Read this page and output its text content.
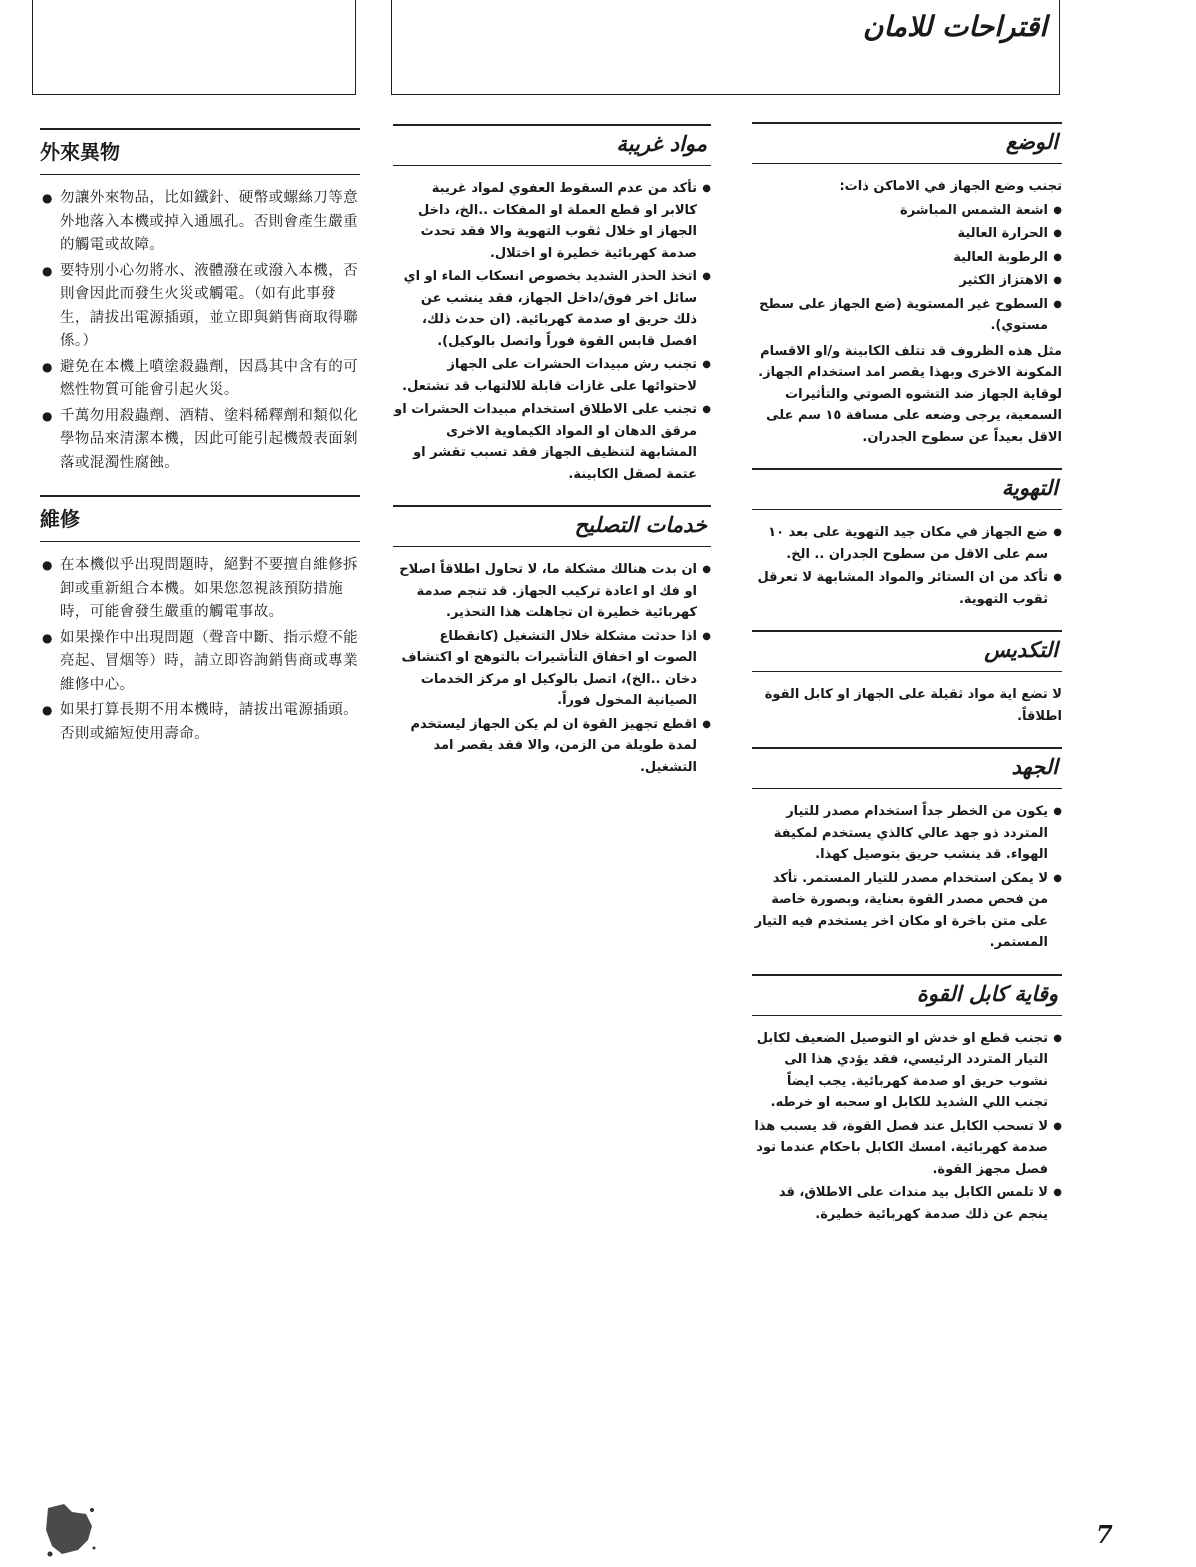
اقتراحات للامان
外來異物
● 勿讓外來物品，比如鐵針、硬幣或螺絲刀等意外地落入本機或掉入通風孔。否則會產生嚴重的觸電或故障。
● 要特別小心勿將水、液體潑在或潑入本機，否則會因此而發生火災或觸電。（如有此事發生，請拔出電源插頭，並立即與銷售商取得聯係。）
● 避免在本機上噴塗殺蟲劑，因爲其中含有的可燃性物質可能會引起火災。
● 千萬勿用殺蟲劑、酒精、塗料稀釋劑和類似化學物品來清潔本機，因此可能引起機殼表面剝落或混濁性腐蝕。
維修
● 在本機似乎出現問題時，絕對不要擅自維修拆卸或重新組合本機。如果您忽視該預防措施時，可能會發生嚴重的觸電事故。
● 如果操作中出現問題（聲音中斷、指示燈不能亮起、冒烟等）時，請立即咨詢銷售商或專業維修中心。
● 如果打算長期不用本機時，請拔出電源插頭。否則或縮短使用壽命。
مواد غريبة
● تأكد من عدم السقوط العفوي لمواد غريبة كالابر او قطع العملة او المفكات ..الخ، داخل الجهاز او خلال ثقوب التهوية والا فقد تحدث صدمة كهربائية خطيرة او اختلال.
● اتخذ الحذر الشديد بخصوص انسكاب الماء او اي سائل اخر فوق/داخل الجهاز، فقد ينشب عن ذلك حريق او صدمة كهربائية. (ان حدث ذلك، افصل قابس القوة فوراً واتصل بالوكيل).
● تجنب رش مبيدات الحشرات على الجهاز لاحتوائها على غازات قابلة للالتهاب قد تشتعل.
● تجنب على الاطلاق استخدام مبيدات الحشرات او مرقق الدهان او المواد الكيماوية الاخرى المشابهة لتنظيف الجهاز فقد تسبب تقشر او عتمة لصقل الكابينة.
خدمات التصليح
● ان بدت هنالك مشكلة ما، لا تحاول اطلاقاً اصلاح او فك او اعادة تركيب الجهاز. قد تنجم صدمة كهربائية خطيرة ان تجاهلت هذا التحذير.
● اذا حدثت مشكلة خلال التشغيل (كانقطاع الصوت او اخفاق التأشيرات بالتوهج او اكتشاف دخان ..الخ)، اتصل بالوكيل او مركز الخدمات الصيانية المخول فوراً.
● اقطع تجهيز القوة ان لم يكن الجهاز ليستخدم لمدة طويلة من الزمن، والا فقد يقصر امد التشغيل.
الوضع

تجنب وضع الجهاز في الاماكن ذات:

● اشعة الشمس المباشرة
● الحرارة العالية
● الرطوبة العالية
● الاهتزاز الكثير
● السطوح غير المستوية (ضع الجهاز على سطح مستوي).

مثل هذه الظروف قد تتلف الكابينة و/او الاقسام المكونة الاخرى وبهذا يقصر امد استخدام الجهاز. لوقاية الجهاز ضد التشوه الصوتي والتأثيرات السمعية، يرجى وضعه على مسافة ١٥ سم على الاقل بعيداً عن سطوح الجدران.

التهوية
● ضع الجهاز في مكان جيد التهوية على بعد ١٠ سم على الاقل من سطوح الجدران .. الخ.
● تأكد من ان الستائر والمواد المشابهة لا تعرقل ثقوب التهوية.
التكديس

لا تضع اية مواد ثقيلة على الجهاز او كابل القوة اطلاقاً.

الجهد
● يكون من الخطر جداً استخدام مصدر للتيار المتردد ذو جهد عالي كالذي يستخدم لمكيفة الهواء. قد ينشب حريق بتوصيل كهذا.
● لا يمكن استخدام مصدر للتيار المستمر. تأكد من فحص مصدر القوة بعناية، وبصورة خاصة على متن باخرة او مكان اخر يستخدم فيه التيار المستمر.
وقاية كابل القوة
● تجنب قطع او خدش او التوصيل الضعيف لكابل التيار المتردد الرئيسي، فقد يؤدي هذا الى نشوب حريق او صدمة كهربائية. يجب ايضاً تجنب اللي الشديد للكابل او سحبه او خرطه.
● لا تسحب الكابل عند فصل القوة، قد يسبب هذا صدمة كهربائية. امسك الكابل باحكام عندما تود فصل مجهز القوة.
● لا تلمس الكابل بيد مندات على الاطلاق، قد ينجم عن ذلك صدمة كهربائية خطيرة.
7
